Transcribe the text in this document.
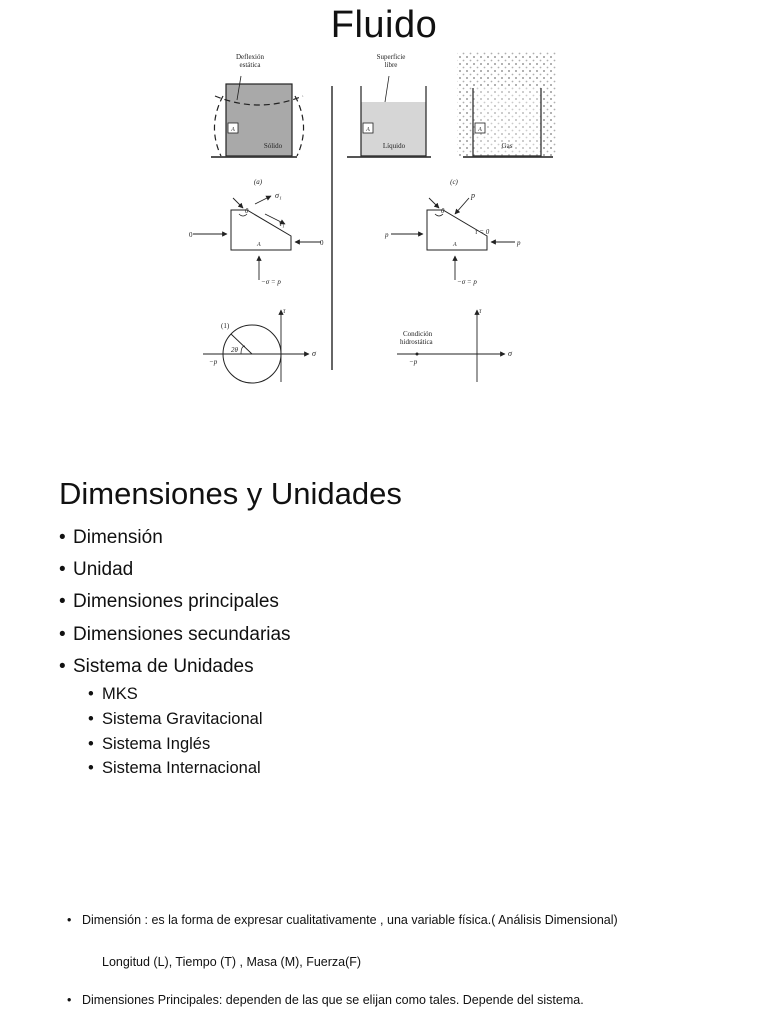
Fluido
Deflexión
estática
A
Sólido
Superficie
libre
A
Líquido
A
Gas
(a)	(c)
0
0
σ₁
τ₁
θ
A
−σ = p
p
τ = 0
p
p
θ
A
−σ = p
(1)
2θ
−p
τ
σ
Condición
hidrostática
−p
τ
σ
Dimensiones y Unidades
• Dimensión
• Unidad
• Dimensiones principales
• Dimensiones secundarias
• Sistema de Unidades
• MKS
• Sistema Gravitacional
• Sistema Inglés
• Sistema Internacional
• Dimensión : es la forma de expresar cualitativamente , una variable física.( Análisis Dimensional)
Longitud (L), Tiempo (T) , Masa (M), Fuerza(F)
• Dimensiones Principales: dependen de las que se elijan como tales. Depende del sistema.
